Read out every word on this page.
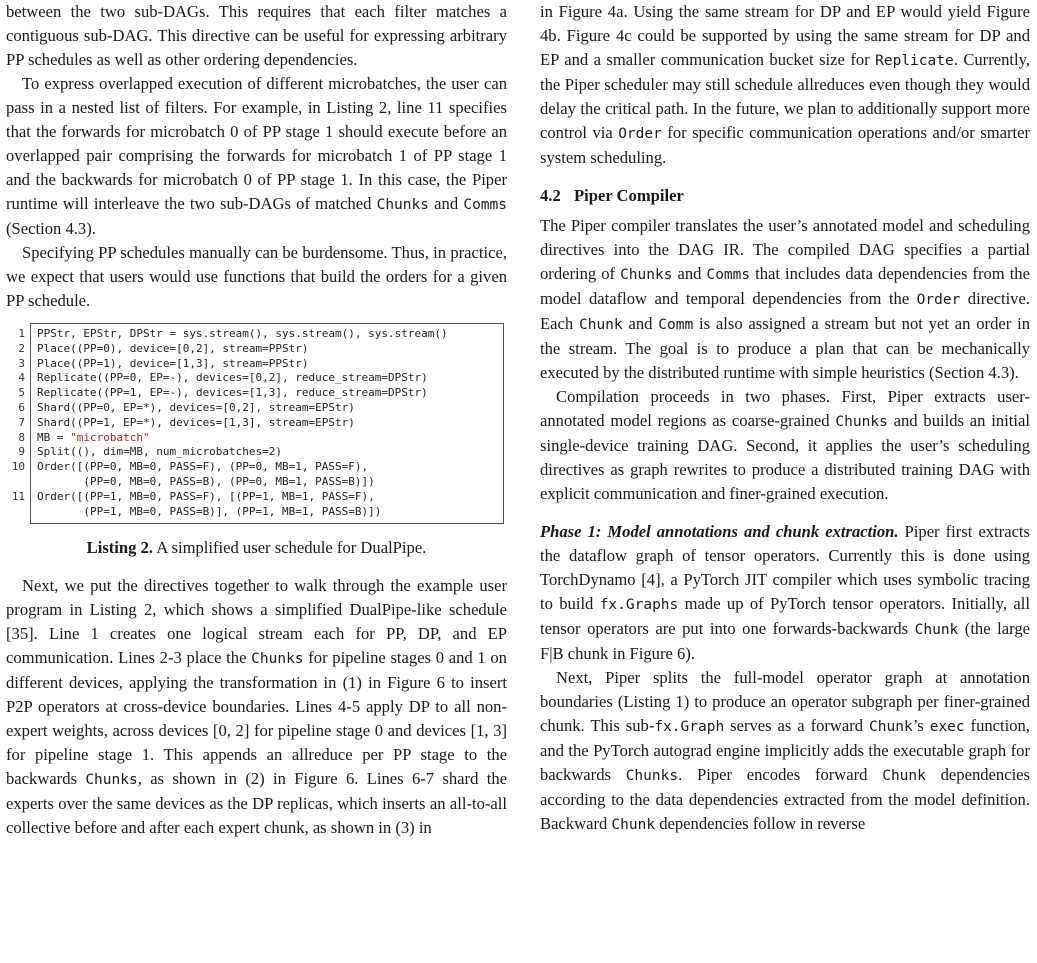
between the two sub-DAGs. This requires that each filter matches a contiguous sub-DAG. This directive can be useful for expressing arbitrary PP schedules as well as other ordering dependencies.

To express overlapped execution of different microbatches, the user can pass in a nested list of filters. For example, in Listing 2, line 11 specifies that the forwards for microbatch 0 of PP stage 1 should execute before an overlapped pair comprising the forwards for microbatch 1 of PP stage 1 and the backwards for microbatch 0 of PP stage 1. In this case, the Piper runtime will interleave the two sub-DAGs of matched Chunks and Comms (Section 4.3).

Specifying PP schedules manually can be burdensome. Thus, in practice, we expect that users would use functions that build the orders for a given PP schedule.

1 PPStr, EPStr, DPStr = sys.stream(), sys.stream(), sys.stream()
2 Place((PP=0), device=[0,2], stream=PPStr)
3 Place((PP=1), device=[1,3], stream=PPStr)
4 Replicate((PP=0, EP=-), devices=[0,2], reduce_stream=DPStr)
5 Replicate((PP=1, EP=-), devices=[1,3], reduce_stream=DPStr)
6 Shard((PP=0, EP=*), devices=[0,2], stream=EPStr)
7 Shard((PP=1, EP=*), devices=[1,3], stream=EPStr)
8 MB = "microbatch"
9 Split((), dim=MB, num_microbatches=2)
10 Order([(PP=0, MB=0, PASS=F), (PP=0, MB=1, PASS=F),
(PP=0, MB=0, PASS=B), (PP=0, MB=1, PASS=B)])
11 Order([(PP=1, MB=0, PASS=F), [(PP=1, MB=1, PASS=F),
(PP=1, MB=0, PASS=B)], (PP=1, MB=1, PASS=B)])

Listing 2. A simplified user schedule for DualPipe.

Next, we put the directives together to walk through the example user program in Listing 2, which shows a simplified DualPipe-like schedule [35]. Line 1 creates one logical stream each for PP, DP, and EP communication. Lines 2-3 place the Chunks for pipeline stages 0 and 1 on different devices, applying the transformation in (1) in Figure 6 to insert P2P operators at cross-device boundaries. Lines 4-5 apply DP to all non-expert weights, across devices [0, 2] for pipeline stage 0 and devices [1, 3] for pipeline stage 1. This appends an allreduce per PP stage to the backwards Chunks, as shown in (2) in Figure 6. Lines 6-7 shard the experts over the same devices as the DP replicas, which inserts an all-to-all collective before and after each expert chunk, as shown in (3) in

in Figure 4a. Using the same stream for DP and EP would yield Figure 4b. Figure 4c could be supported by using the same stream for DP and EP and a smaller communication bucket size for Replicate. Currently, the Piper scheduler may still schedule allreduces even though they would delay the critical path. In the future, we plan to additionally support more control via Order for specific communication operations and/or smarter system scheduling.

4.2 Piper Compiler

The Piper compiler translates the user’s annotated model and scheduling directives into the DAG IR. The compiled DAG specifies a partial ordering of Chunks and Comms that includes data dependencies from the model dataflow and temporal dependencies from the Order directive. Each Chunk and Comm is also assigned a stream but not yet an order in the stream. The goal is to produce a plan that can be mechanically executed by the distributed runtime with simple heuristics (Section 4.3).

Compilation proceeds in two phases. First, Piper extracts user-annotated model regions as coarse-grained Chunks and builds an initial single-device training DAG. Second, it applies the user’s scheduling directives as graph rewrites to produce a distributed training DAG with explicit communication and finer-grained execution.

Phase 1: Model annotations and chunk extraction. Piper first extracts the dataflow graph of tensor operators. Currently this is done using TorchDynamo [4], a PyTorch JIT compiler which uses symbolic tracing to build fx.Graphs made up of PyTorch tensor operators. Initially, all tensor operators are put into one forwards-backwards Chunk (the large F|B chunk in Figure 6).

Next, Piper splits the full-model operator graph at annotation boundaries (Listing 1) to produce an operator subgraph per finer-grained chunk. This sub-fx.Graph serves as a forward Chunk’s exec function, and the PyTorch autograd engine implicitly adds the executable graph for backwards Chunks. Piper encodes forward Chunk dependencies according to the data dependencies extracted from the model definition. Backward Chunk dependencies follow in reverse
